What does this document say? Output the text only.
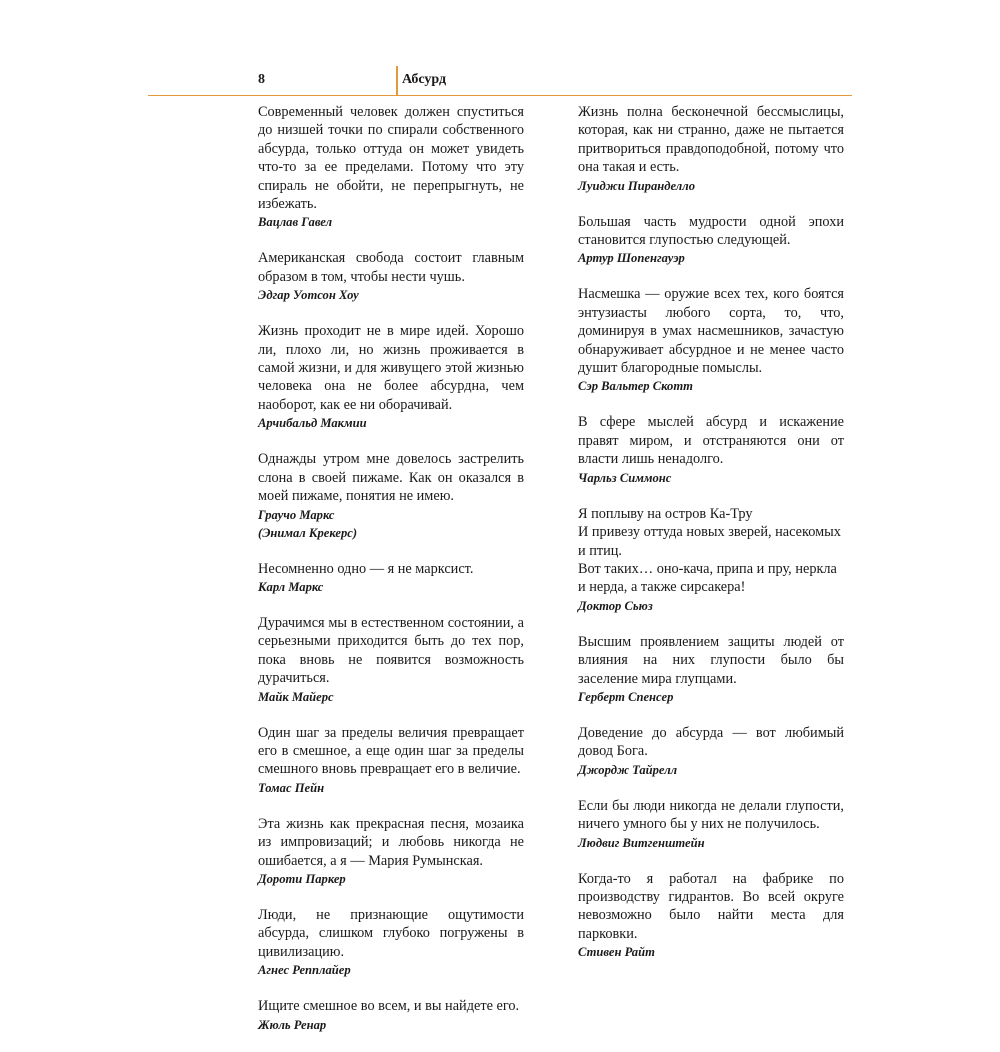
8	Абсурд

Современный человек должен спуститься до низшей точки по спирали собственного абсурда, только оттуда он может увидеть что-то за ее пределами. Потому что эту спираль не обойти, не перепрыгнуть, не избежать.

Вацлав Гавел

Американская свобода состоит главным образом в том, чтобы нести чушь.

Эдгар Уотсон Хоу

Жизнь проходит не в мире идей. Хорошо ли, плохо ли, но жизнь проживается в самой жизни, и для живущего этой жизнью человека она не более абсурдна, чем наоборот, как ее ни оборачивай.

Арчибальд Макмии

Однажды утром мне довелось застрелить слона в своей пижаме. Как он оказался в моей пижаме, понятия не имею.

Граучо Маркс

(Энимал Крекерс)

Несомненно одно — я не марксист.

Карл Маркс

Дурачимся мы в естественном состоянии, а серьезными приходится быть до тех пор, пока вновь не появится возможность дурачиться.

Майк Майерс

Один шаг за пределы величия превращает его в смешное, а еще один шаг за пределы смешного вновь превращает его в величие.

Томас Пейн

Эта жизнь как прекрасная песня, мозаика из импровизаций; и любовь никогда не ошибается, а я — Мария Румынская.

Дороти Паркер

Люди, не признающие ощутимости абсурда, слишком глубоко погружены в цивилизацию.

Агнес Репплайер

Ищите смешное во всем, и вы найдете его.

Жюль Ренар

Жизнь полна бесконечной бессмыслицы, которая, как ни странно, даже не пытается притвориться правдоподобной, потому что она такая и есть.

Луиджи Пиранделло

Большая часть мудрости одной эпохи становится глупостью следующей.

Артур Шопенгауэр

Насмешка — оружие всех тех, кого боятся энтузиасты любого сорта, то, что, доминируя в умах насмешников, зачастую обнаруживает абсурдное и не менее часто душит благородные помыслы.

Сэр Вальтер Скотт

В сфере мыслей абсурд и искажение правят миром, и отстраняются они от власти лишь ненадолго.

Чарльз Симмонс

Я поплыву на остров Ка-Тру
И привезу оттуда новых зверей, насекомых и птиц.
Вот таких… оно-кача, припа и пру, неркла и нерда, а также сирсакера!

Доктор Сьюз

Высшим проявлением защиты людей от влияния на них глупости было бы заселение мира глупцами.

Герберт Спенсер

Доведение до абсурда — вот любимый довод Бога.

Джордж Тайрелл

Если бы люди никогда не делали глупости, ничего умного бы у них не получилось.

Людвиг Витгенштейн

Когда-то я работал на фабрике по производству гидрантов. Во всей округе невозможно было найти места для парковки.

Стивен Райт
